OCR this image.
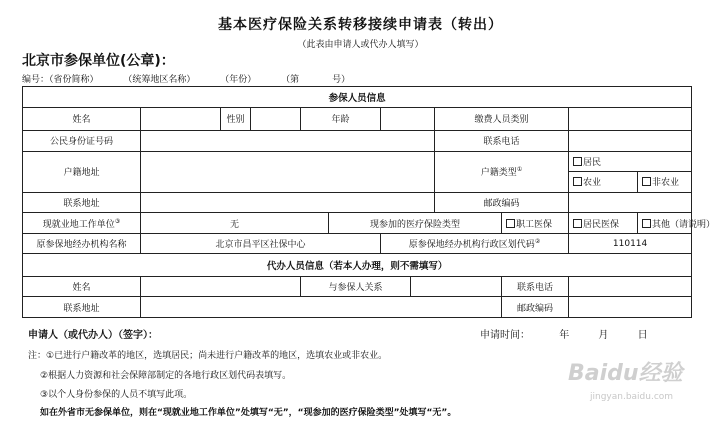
基本医疗保险关系转移接续申请表（转出）
（此表由申请人或代办人填写）
北京市参保单位(公章)：
编号：（省份简称）	（统筹地区名称）	（年份）	（第	号）
参保人员信息											
姓名		性别		年龄				缴费人员类别			
公民身份证号码								联系电话			
户籍地址								户籍类型①		居民	
										农业	非农业
联系地址								邮政编码			
现就业地工作单位③	无				现参加的医疗保险类型				职工医保	居民医保	其他（请说明）
原参保地经办机构名称	北京市昌平区社保中心					原参保地经办机构行政区划代码②				110114	
代办人员信息（若本人办理，则不需填写）											
姓名				与参保人关系					联系电话		
联系地址									邮政编码		
申请人（或代办人）（签字）：	申请时间：	年	月	日
注：①已进行户籍改革的地区，选填居民；尚未进行户籍改革的地区，选填农业或非农业。
②根据人力资源和社会保障部制定的各地行政区划代码表填写。
③以个人身份参保的人员不填写此项。
如在外省市无参保单位，则在“现就业地工作单位”处填写“无”，“现参加的医疗保险类型”处填写“无”。
Baidu经验
jingyan.baidu.com
